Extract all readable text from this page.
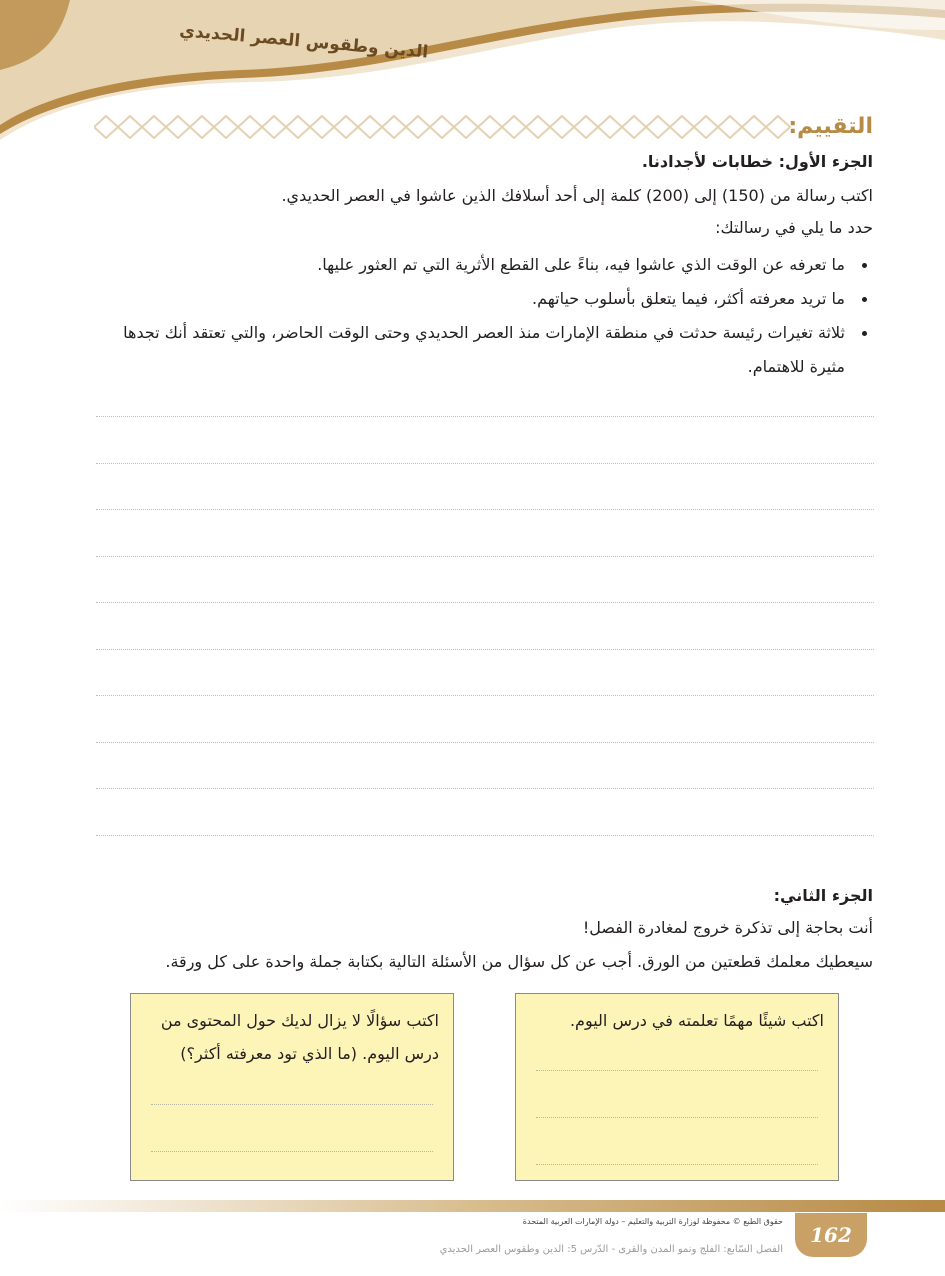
الدين وطقوس العصر الحديدي
التقييم:
الجزء الأول: خطابات لأجدادنا.
اكتب رسالة من (150) إلى (200) كلمة إلى أحد أسلافك الذين عاشوا في العصر الحديدي.
حدد ما يلي في رسالتك:
ما تعرفه عن الوقت الذي عاشوا فيه، بناءً على القطع الأثرية التي تم العثور عليها.
ما تريد معرفته أكثر، فيما يتعلق بأسلوب حياتهم.
ثلاثة تغيرات رئيسة حدثت في منطقة الإمارات منذ العصر الحديدي وحتى الوقت الحاضر، والتي تعتقد أنك تجدها مثيرة للاهتمام.
الجزء الثاني:
أنت بحاجة إلى تذكرة خروج لمغادرة الفصل!
سيعطيك معلمك قطعتين من الورق. أجب عن كل سؤال من الأسئلة التالية بكتابة جملة واحدة على كل ورقة.
اكتب شيئًا مهمًا تعلمته في درس اليوم.
اكتب سؤالًا لا يزال لديك حول المحتوى من درس اليوم. (ما الذي تود معرفته أكثر؟)
162
حقوق الطبع © محفوظة لوزارة التربية والتعليم – دولة الإمارات العربية المتحدة
الفصل السّابع: الفلج ونمو المدن والقرى - الدّرس 5: الدين وطقوس العصر الحديدي
